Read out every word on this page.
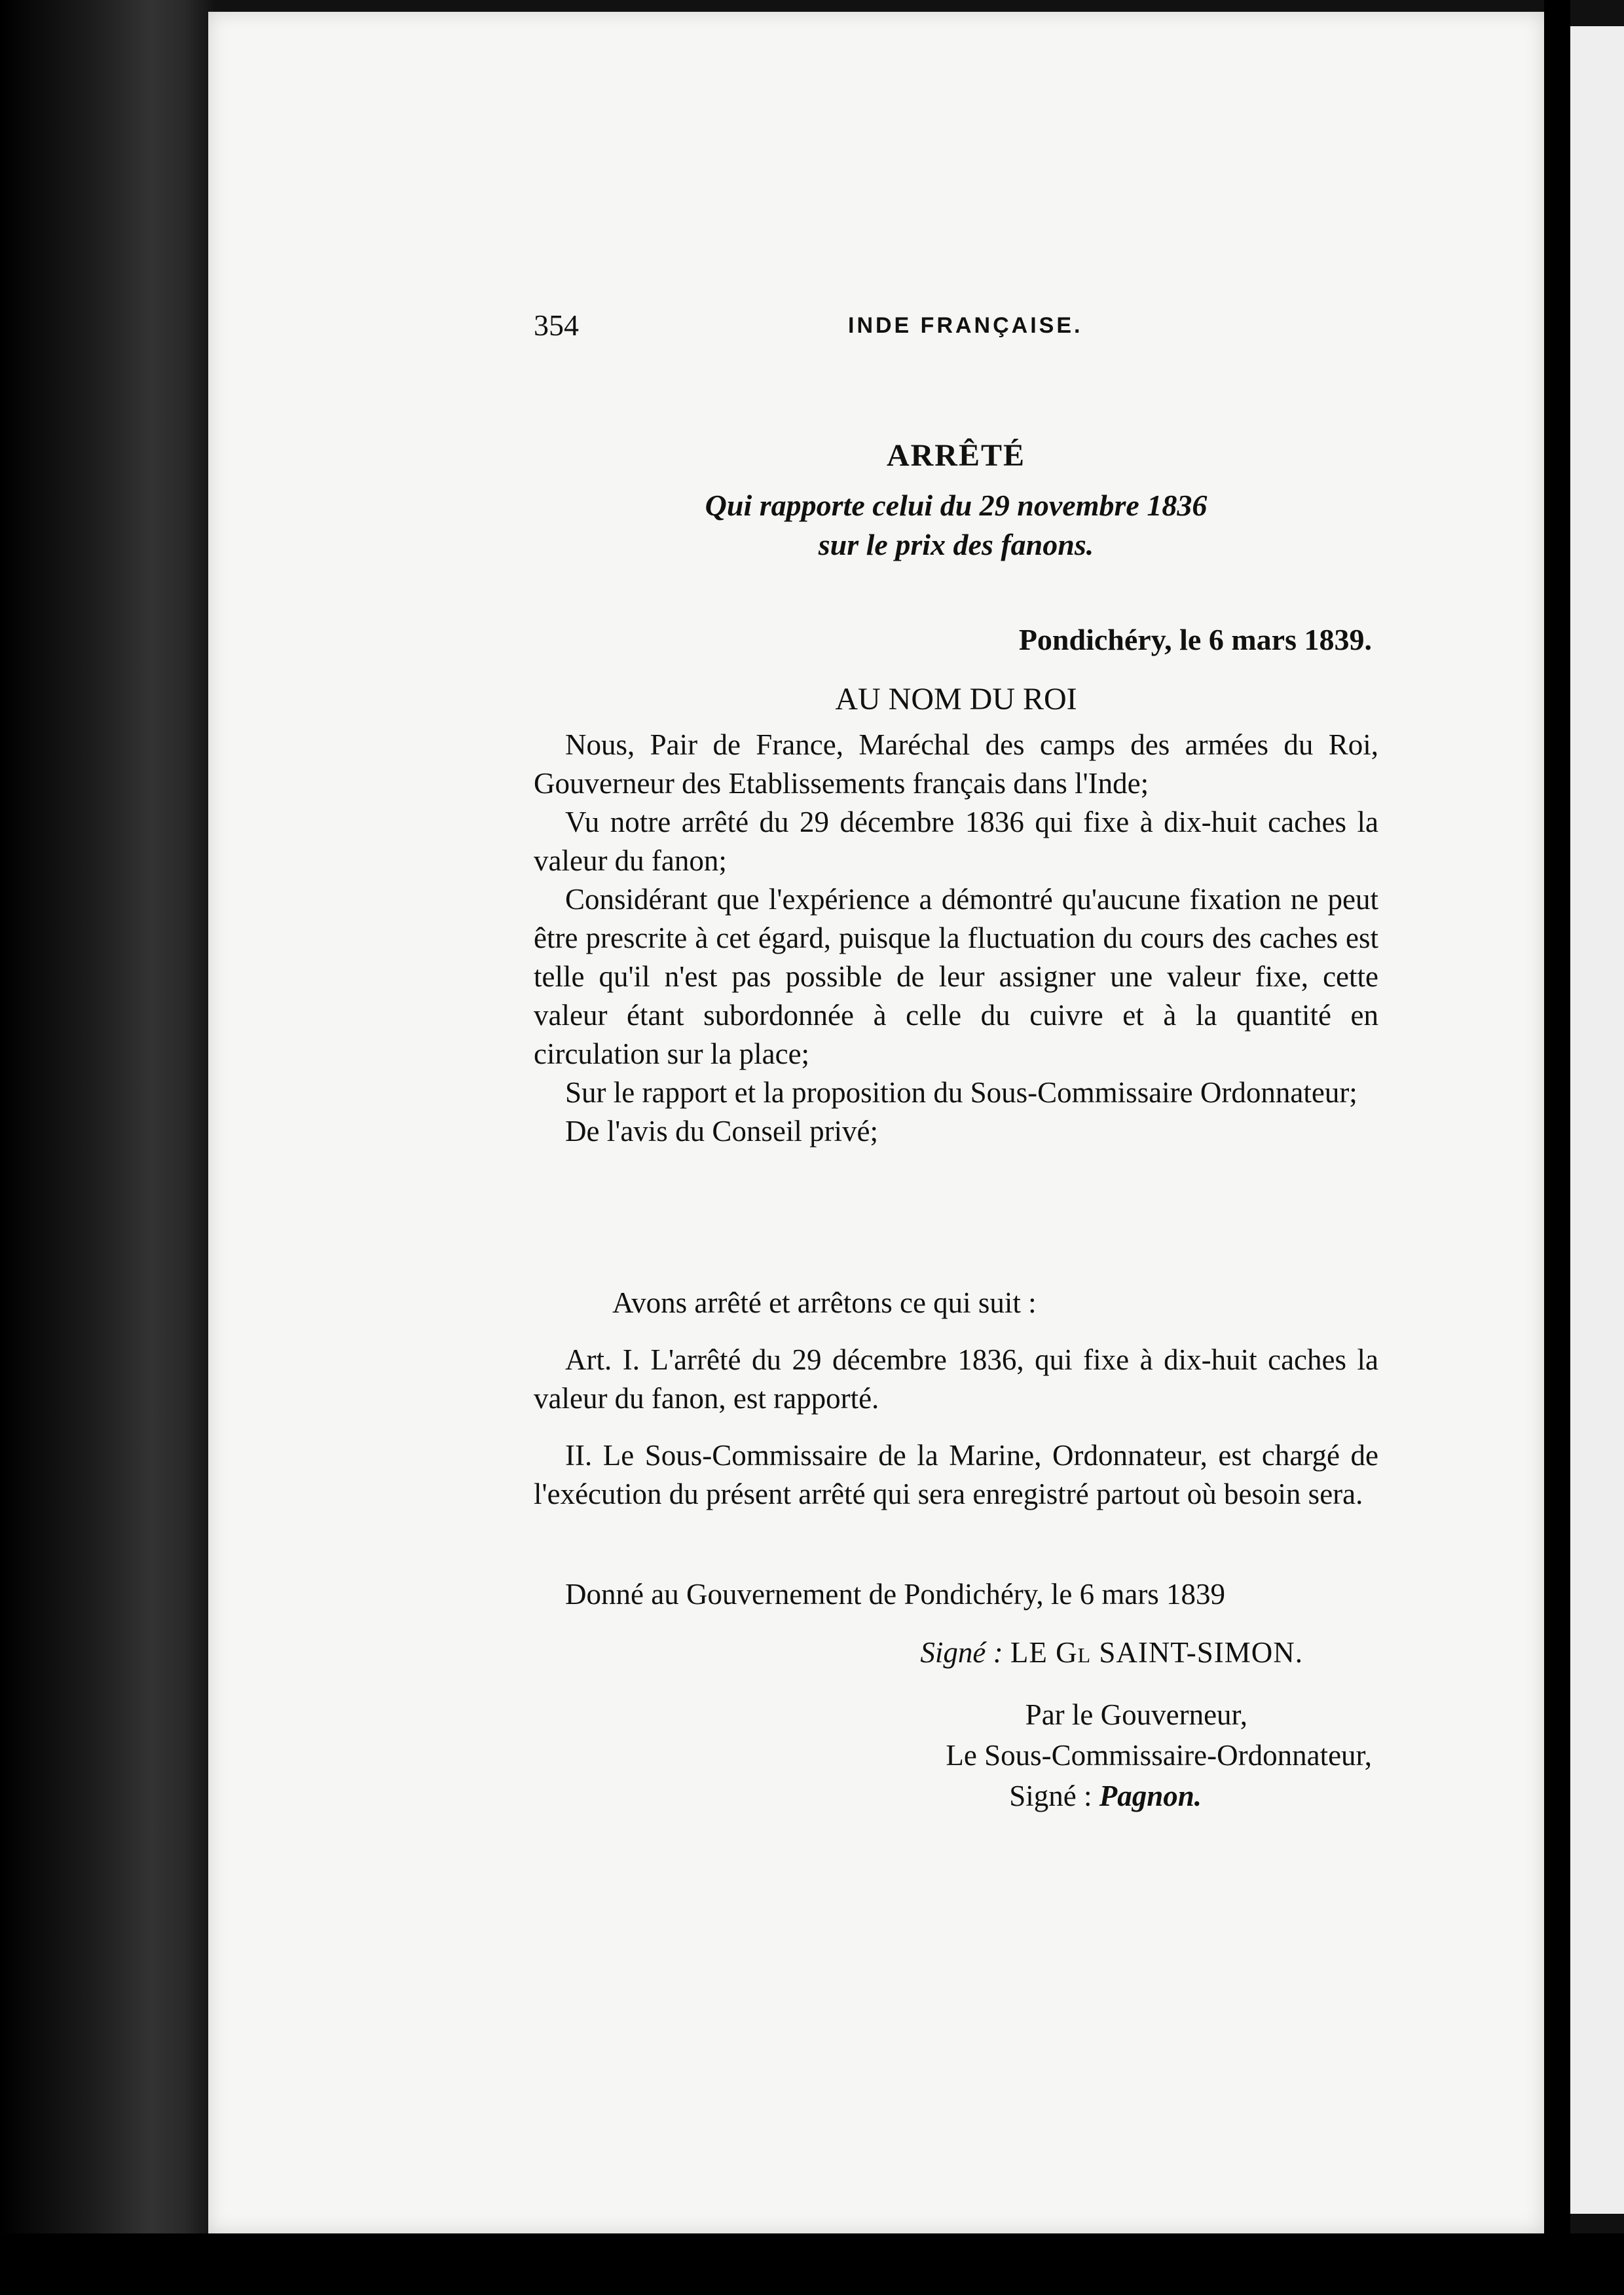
354	INDE FRANÇAISE.
ARRÊTÉ
Qui rapporte celui du 29 novembre 1836
sur le prix des fanons.
Pondichéry, le 6 mars 1839.
AU NOM DU ROI

Nous, Pair de France, Maréchal des camps des armées du Roi, Gouverneur des Etablissements français dans l'Inde;

Vu notre arrêté du 29 décembre 1836 qui fixe à dix-huit caches la valeur du fanon;

Considérant que l'expérience a démontré qu'aucune fixation ne peut être prescrite à cet égard, puisque la fluctuation du cours des caches est telle qu'il n'est pas possible de leur assigner une valeur fixe, cette valeur étant subordonnée à celle du cuivre et à la quantité en circulation sur la place;

Sur le rapport et la proposition du Sous-Commissaire Ordonnateur;

De l'avis du Conseil privé;

Avons arrêté et arrêtons ce qui suit :

Art. I. L'arrêté du 29 décembre 1836, qui fixe à dix-huit caches la valeur du fanon, est rapporté.

II. Le Sous-Commissaire de la Marine, Ordonnateur, est chargé de l'exécution du présent arrêté qui sera enregistré partout où besoin sera.

Donné au Gouvernement de Pondichéry, le 6 mars 1839

Signé : LE Gl SAINT-SIMON.

Par le Gouverneur,

Le Sous-Commissaire-Ordonnateur,

Signé : Pagnon.
